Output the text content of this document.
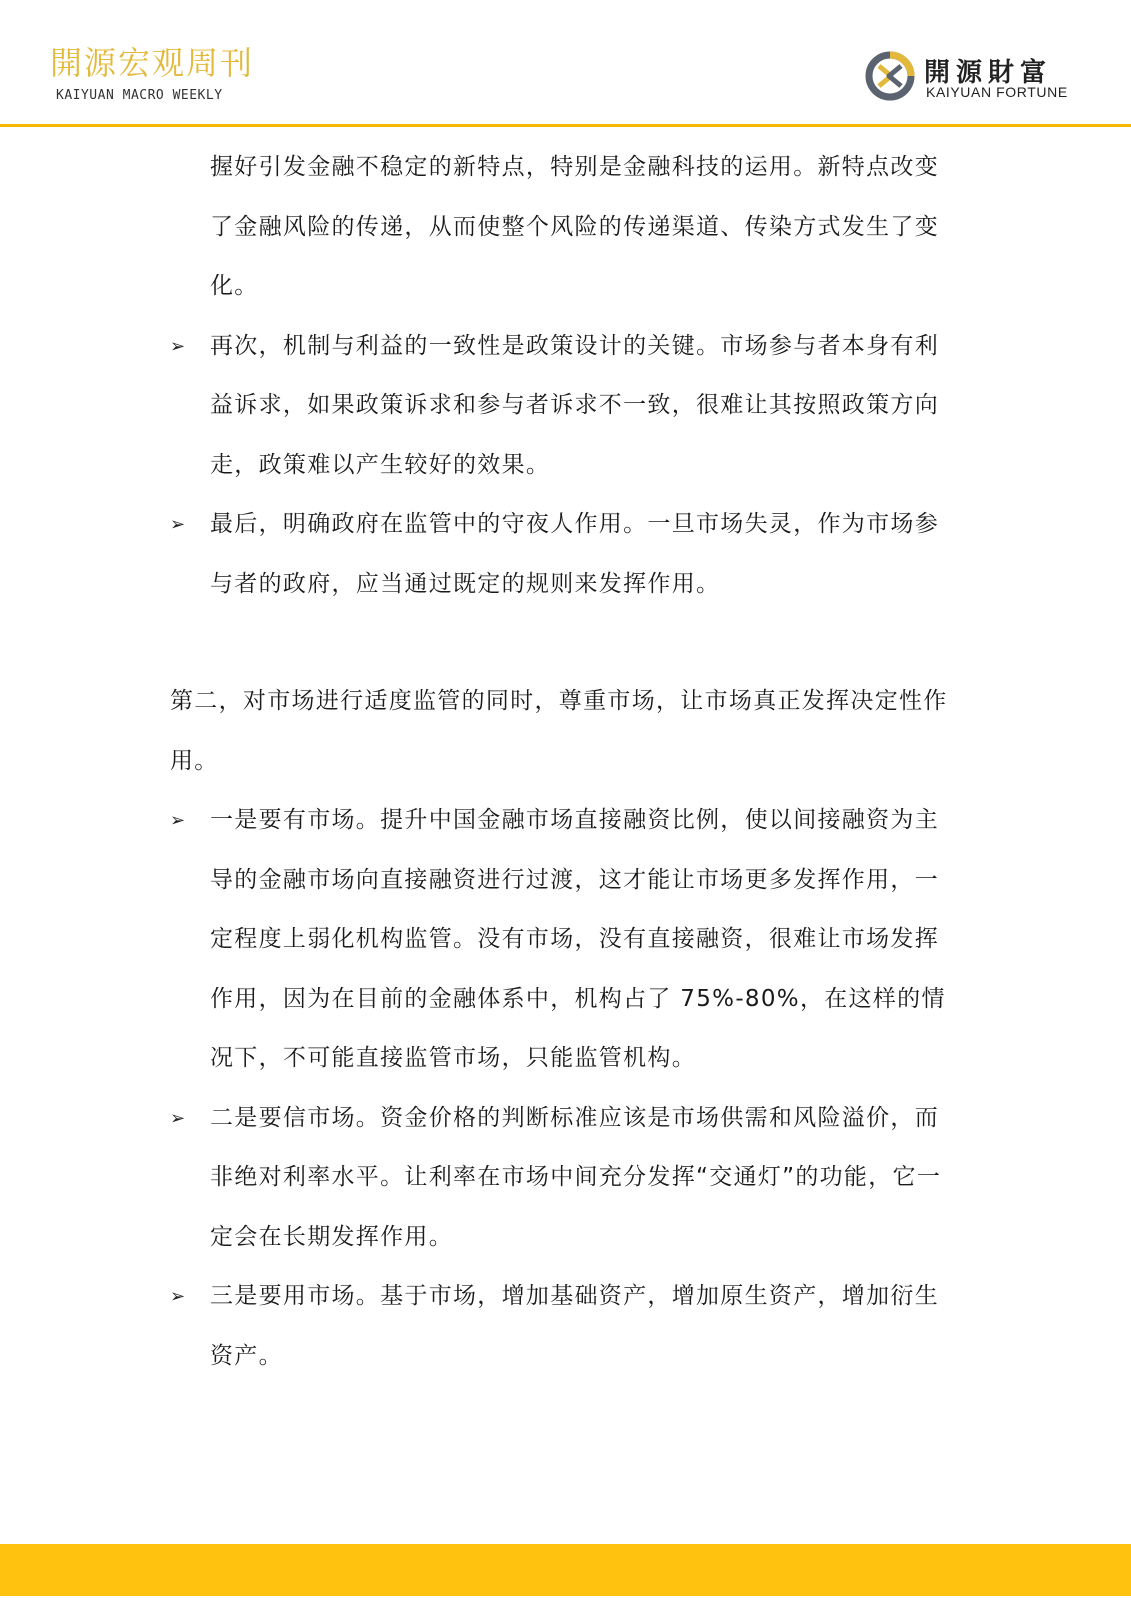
開源宏观周刊
KAIYUAN MACRO WEEKLY
開源財富
KAIYUAN FORTUNE

握好引发金融不稳定的新特点，特别是金融科技的运用。新特点改变了金融风险的传递，从而使整个风险的传递渠道、传染方式发生了变化。

➢ 再次，机制与利益的一致性是政策设计的关键。市场参与者本身有利益诉求，如果政策诉求和参与者诉求不一致，很难让其按照政策方向走，政策难以产生较好的效果。
➢ 最后，明确政府在监管中的守夜人作用。一旦市场失灵，作为市场参与者的政府，应当通过既定的规则来发挥作用。

第二，对市场进行适度监管的同时，尊重市场，让市场真正发挥决定性作用。

➢ 一是要有市场。提升中国金融市场直接融资比例，使以间接融资为主导的金融市场向直接融资进行过渡，这才能让市场更多发挥作用，一定程度上弱化机构监管。没有市场，没有直接融资，很难让市场发挥作用，因为在目前的金融体系中，机构占了 75%-80%，在这样的情况下，不可能直接监管市场，只能监管机构。
➢ 二是要信市场。资金价格的判断标准应该是市场供需和风险溢价，而非绝对利率水平。让利率在市场中间充分发挥“交通灯”的功能，它一定会在长期发挥作用。
➢ 三是要用市场。基于市场，增加基础资产，增加原生资产，增加衍生资产。
